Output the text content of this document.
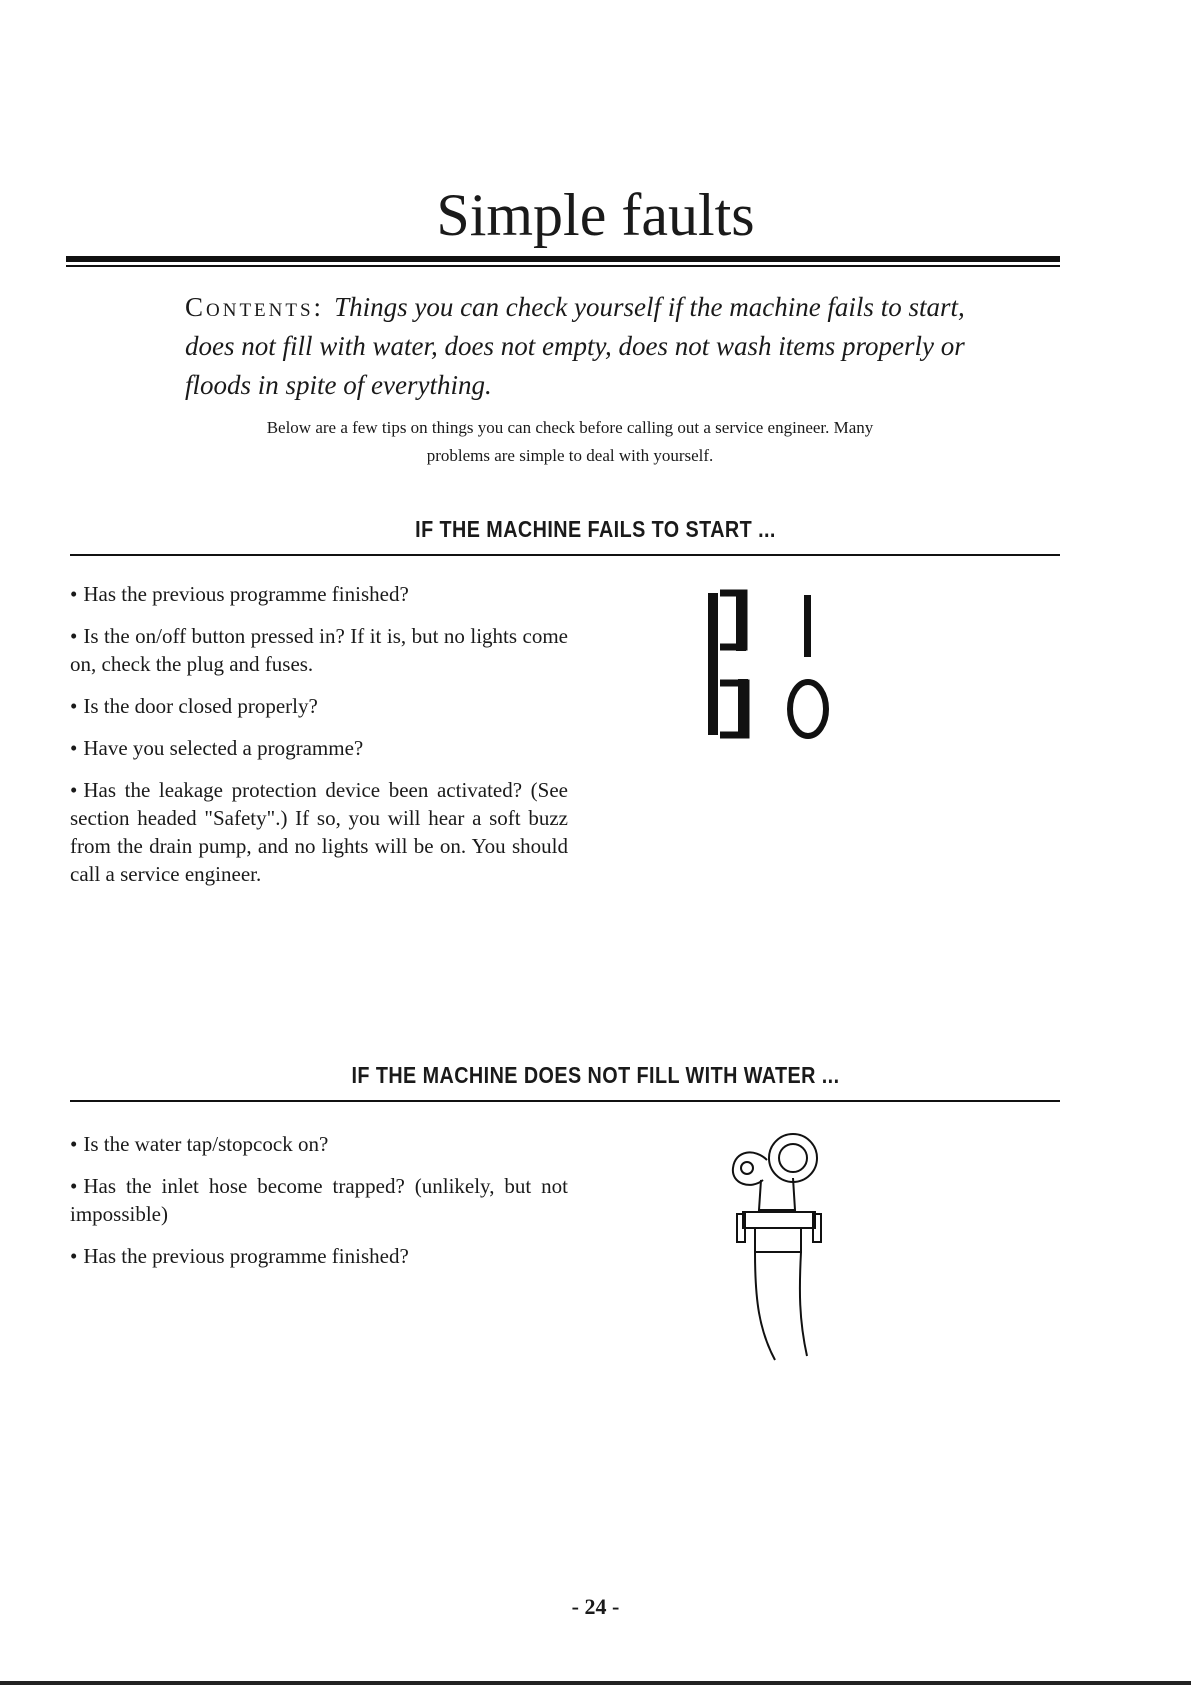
Simple faults
Contents: Things you can check yourself if the machine fails to start, does not fill with water, does not empty, does not wash items properly or floods in spite of everything.
Below are a few tips on things you can check before calling out a service engineer. Many
problems are simple to deal with yourself.
IF THE MACHINE FAILS TO START ...
• Has the previous programme finished?
• Is the on/off button pressed in? If it is, but no lights come on, check the plug and fuses.
• Is the door closed properly?
• Have you selected a programme?
• Has the leakage protection device been activated? (See section headed "Safety".) If so, you will hear a soft buzz from the drain pump, and no lights will be on. You should call a service engineer.
IF THE MACHINE DOES NOT FILL WITH WATER ...
• Is the water tap/stopcock on?
• Has the inlet hose become trapped? (unlikely, but not impossible)
• Has the previous programme finished?
- 24 -
